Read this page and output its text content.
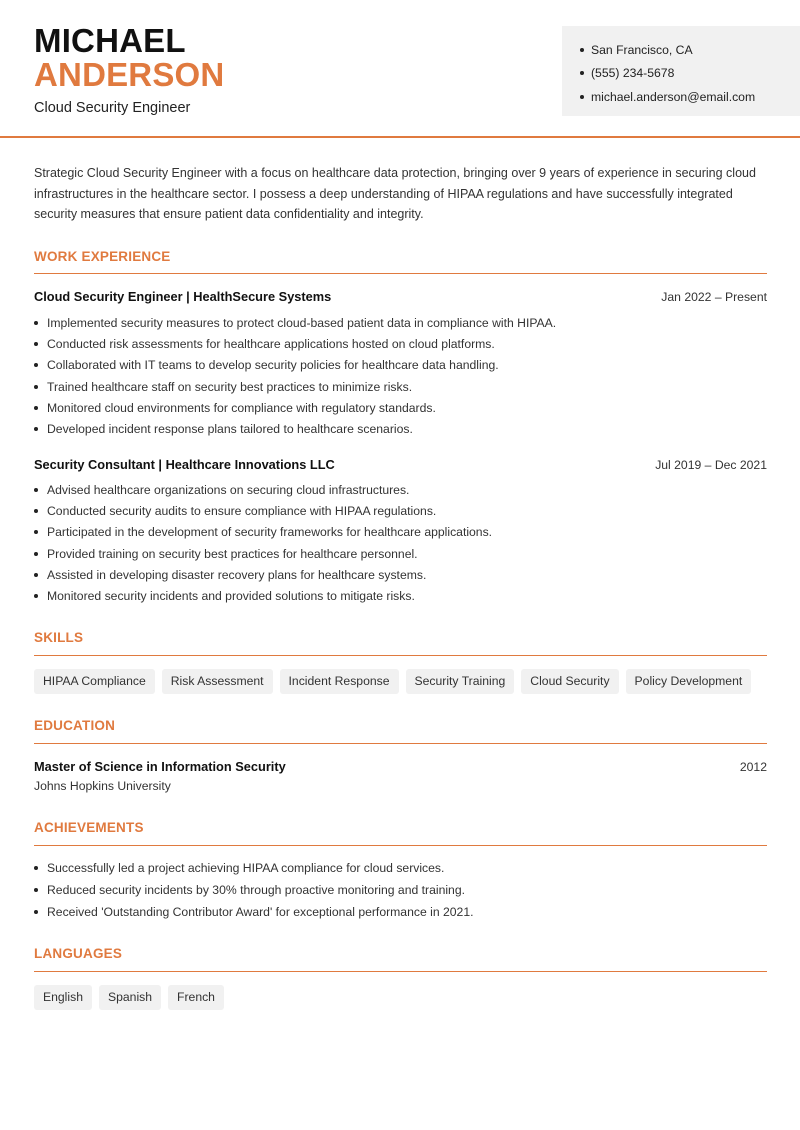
MICHAEL
ANDERSON
Cloud Security Engineer
San Francisco, CA
(555) 234-5678
michael.anderson@email.com

Strategic Cloud Security Engineer with a focus on healthcare data protection, bringing over 9 years of experience in securing cloud infrastructures in the healthcare sector. I possess a deep understanding of HIPAA regulations and have successfully integrated security measures that ensure patient data confidentiality and integrity.

WORK EXPERIENCE
Cloud Security Engineer | HealthSecure Systems	Jan 2022 – Present
Implemented security measures to protect cloud-based patient data in compliance with HIPAA.
Conducted risk assessments for healthcare applications hosted on cloud platforms.
Collaborated with IT teams to develop security policies for healthcare data handling.
Trained healthcare staff on security best practices to minimize risks.
Monitored cloud environments for compliance with regulatory standards.
Developed incident response plans tailored to healthcare scenarios.
Security Consultant | Healthcare Innovations LLC	Jul 2019 – Dec 2021
Advised healthcare organizations on securing cloud infrastructures.
Conducted security audits to ensure compliance with HIPAA regulations.
Participated in the development of security frameworks for healthcare applications.
Provided training on security best practices for healthcare personnel.
Assisted in developing disaster recovery plans for healthcare systems.
Monitored security incidents and provided solutions to mitigate risks.
SKILLS
HIPAA Compliance	Risk Assessment	Incident Response	Security Training	Cloud Security	Policy Development
EDUCATION
Master of Science in Information Security	2012
Johns Hopkins University
ACHIEVEMENTS
Successfully led a project achieving HIPAA compliance for cloud services.
Reduced security incidents by 30% through proactive monitoring and training.
Received 'Outstanding Contributor Award' for exceptional performance in 2021.
LANGUAGES
English	Spanish	French
